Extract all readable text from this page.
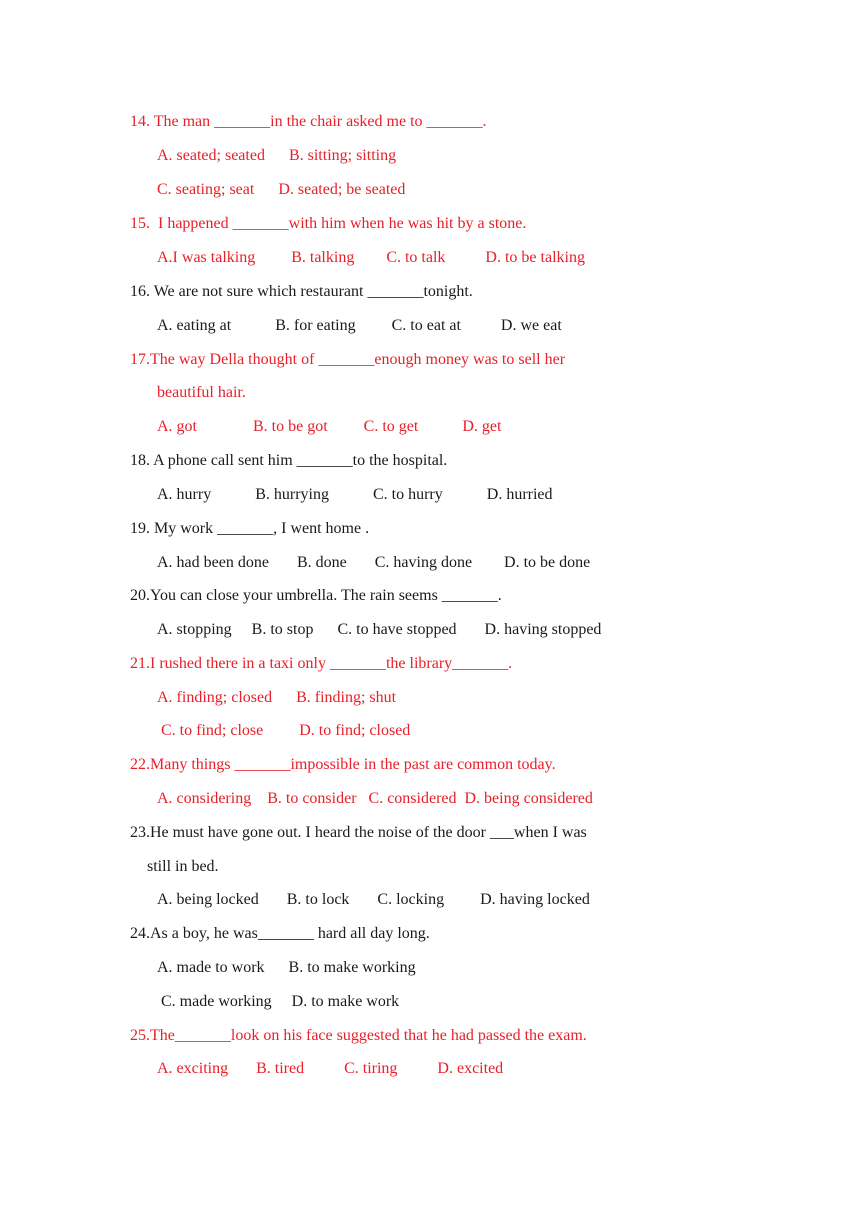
14. The man _______in the chair asked me to _______.
A. seated; seated      B. sitting; sitting
C. seating; seat      D. seated; be seated
15.  I happened _______with him when he was hit by a stone.
A.I was talking         B. talking        C. to talk          D. to be talking
16. We are not sure which restaurant _______tonight.
A. eating at           B. for eating         C. to eat at          D. we eat
17.The way Della thought of _______enough money was to sell her
beautiful hair.
A. got              B. to be got         C. to get           D. get
18. A phone call sent him _______to the hospital.
A. hurry           B. hurrying           C. to hurry           D. hurried
19. My work _______, I went home .
A. had been done       B. done       C. having done        D. to be done
20.You can close your umbrella. The rain seems _______.
A. stopping     B. to stop      C. to have stopped       D. having stopped
21.I rushed there in a taxi only _______the library_______.
A. finding; closed      B. finding; shut
C. to find; close         D. to find; closed
22.Many things _______impossible in the past are common today.
A. considering    B. to consider   C. considered  D. being considered
23.He must have gone out. I heard the noise of the door ___when I was
still in bed.
A. being locked       B. to lock       C. locking         D. having locked
24.As a boy, he was_______ hard all day long.
A. made to work      B. to make working
C. made working     D. to make work
25.The_______look on his face suggested that he had passed the exam.
A. exciting       B. tired          C. tiring          D. excited
